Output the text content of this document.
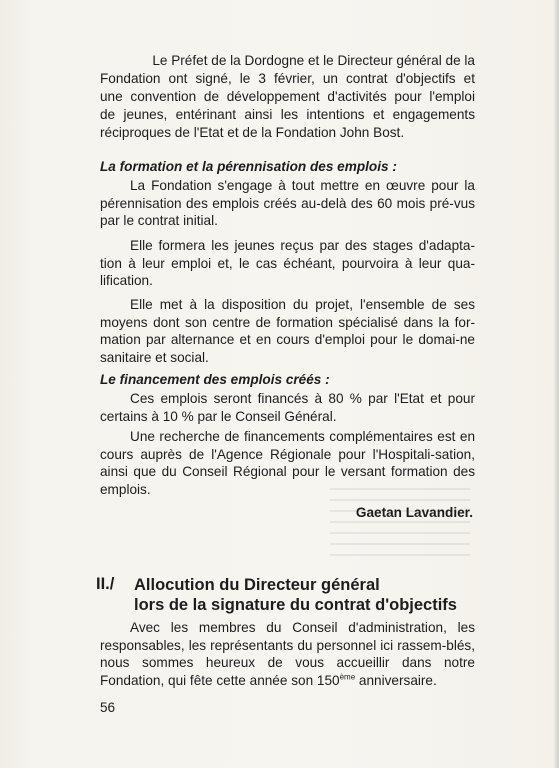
Le Préfet de la Dordogne et le Directeur général de la

Fondation ont signé, le 3 février, un contrat d'objectifs et

une convention de développement d'activités pour l'emploi

de jeunes, entérinant ainsi les intentions et engagements

réciproques de l'Etat et de la Fondation John Bost.

La formation et la pérennisation des emplois :

La Fondation s'engage à tout mettre en œuvre pour la pérennisation des emplois créés au-delà des 60 mois pré-vus par le contrat initial.

Elle formera les jeunes reçus par des stages d'adapta-tion à leur emploi et, le cas échéant, pourvoira à leur qua-lification.

Elle met à la disposition du projet, l'ensemble de ses moyens dont son centre de formation spécialisé dans la for-mation par alternance et en cours d'emploi pour le domai-ne sanitaire et social.

Le financement des emplois créés :

Ces emplois seront financés à 80 % par l'Etat et pour certains à 10 % par le Conseil Général.

Une recherche de financements complémentaires est en cours auprès de l'Agence Régionale pour l'Hospitali-sation, ainsi que du Conseil Régional pour le versant formation des emplois.

Gaetan Lavandier.

II./ Allocution du Directeur général

lors de la signature du contrat d'objectifs

Avec les membres du Conseil d'administration, les responsables, les représentants du personnel ici rassem-blés, nous sommes heureux de vous accueillir dans notre Fondation, qui fête cette année son 150ème anniversaire.

56
